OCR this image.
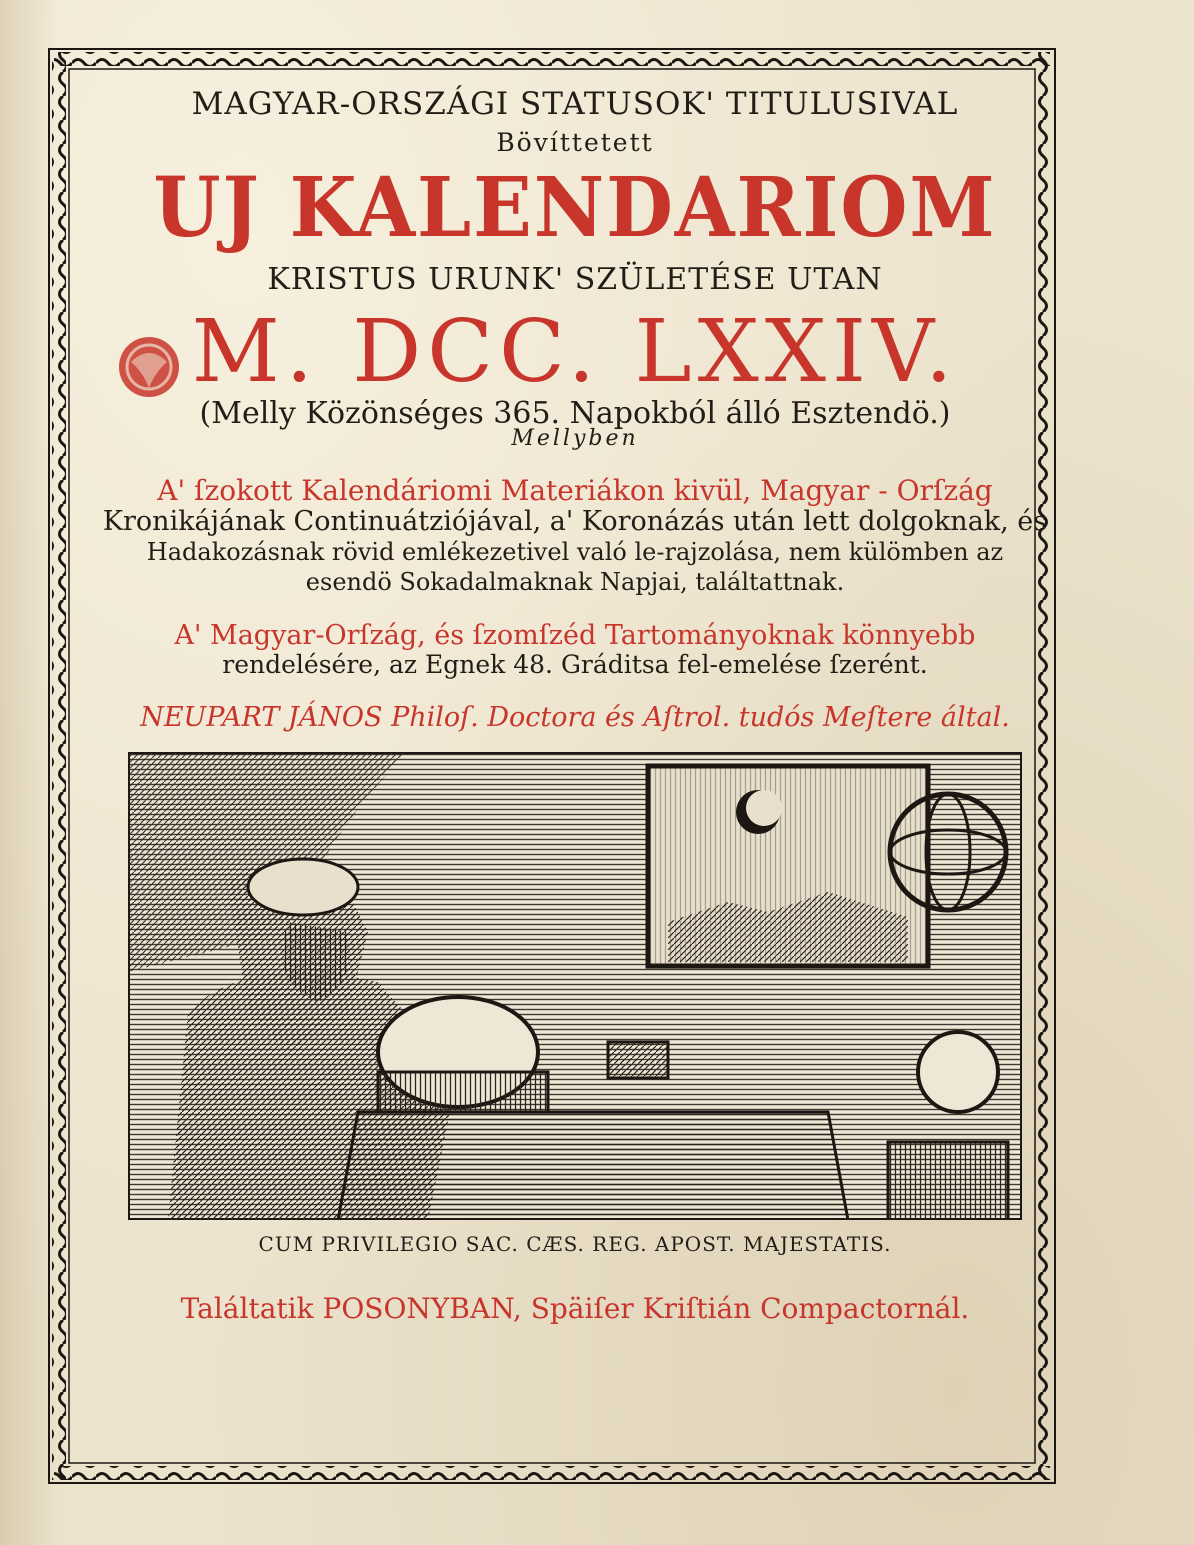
MAGYAR-ORSZÁGI STATUSOK' TITULUSIVAL
Bövíttetett
UJ KALENDARIOM
KRISTUS URUNK' SZÜLETÉSE UTAN
M. DCC. LXXIV.
(Melly Közönséges 365. Napokból álló Esztendö.)
Mellyben
A' ſzokott Kalendáriomi Materiákon kivül, Magyar - Orſzág
Kronikájának Continuátziójával, a' Koronázás után lett dolgoknak, és
Hadakozásnak rövid emlékezetivel való le-rajzolása, nem külömben az
esendö Sokadalmaknak Napjai, találtattnak.
A' Magyar-Orſzág, és ſzomſzéd Tartományoknak könnyebb
rendelésére, az Egnek 48. Gráditsa fel-emelése ſzerént.
NEUPART JÁNOS Philoſ. Doctora és Aſtrol. tudós Meſtere által.
CUM PRIVILEGIO SAC. CÆS. REG. APOST. MAJESTATIS.
Találtatik POSONYBAN, Späiſer Kriſtián Compactornál.
